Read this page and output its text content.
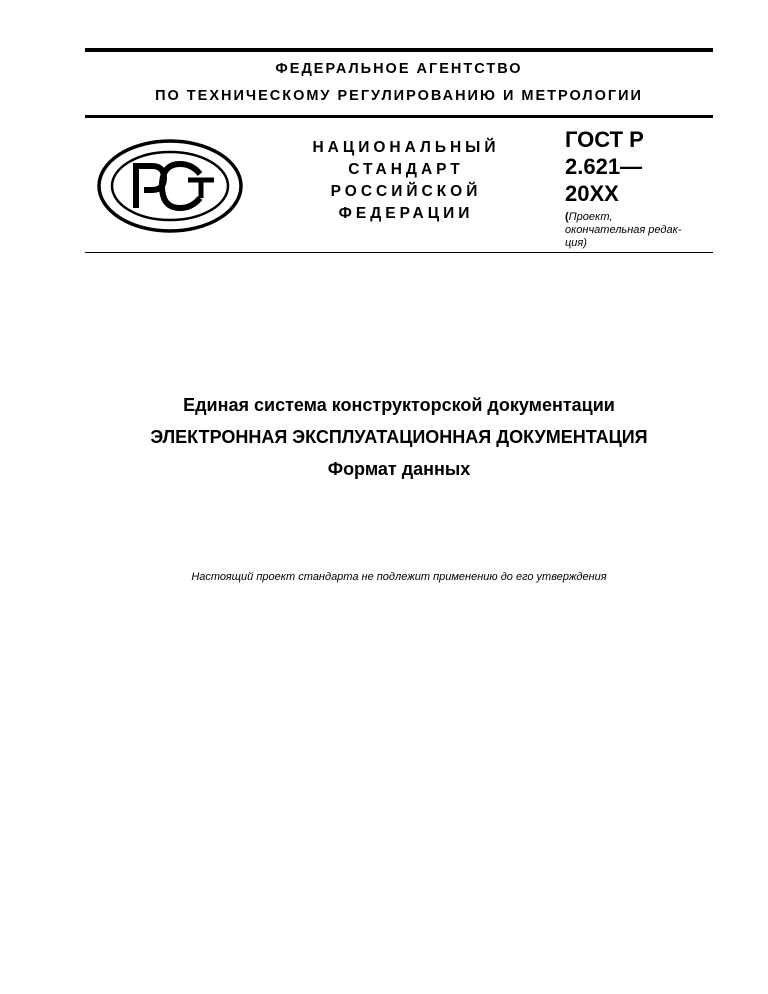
ФЕДЕРАЛЬНОЕ АГЕНТСТВО
ПО ТЕХНИЧЕСКОМУ РЕГУЛИРОВАНИЮ И МЕТРОЛОГИИ
НАЦИОНАЛЬНЫЙ
СТАНДАРТ
РОССИЙСКОЙ
ФЕДЕРАЦИИ
ГОСТ Р
2.621—
20ХХ
(Проект,
окончательная редак-
ция)
Единая система конструкторской документации
ЭЛЕКТРОННАЯ ЭКСПЛУАТАЦИОННАЯ ДОКУМЕНТАЦИЯ
Формат данных
Настоящий проект стандарта не подлежит применению до его утверждения
